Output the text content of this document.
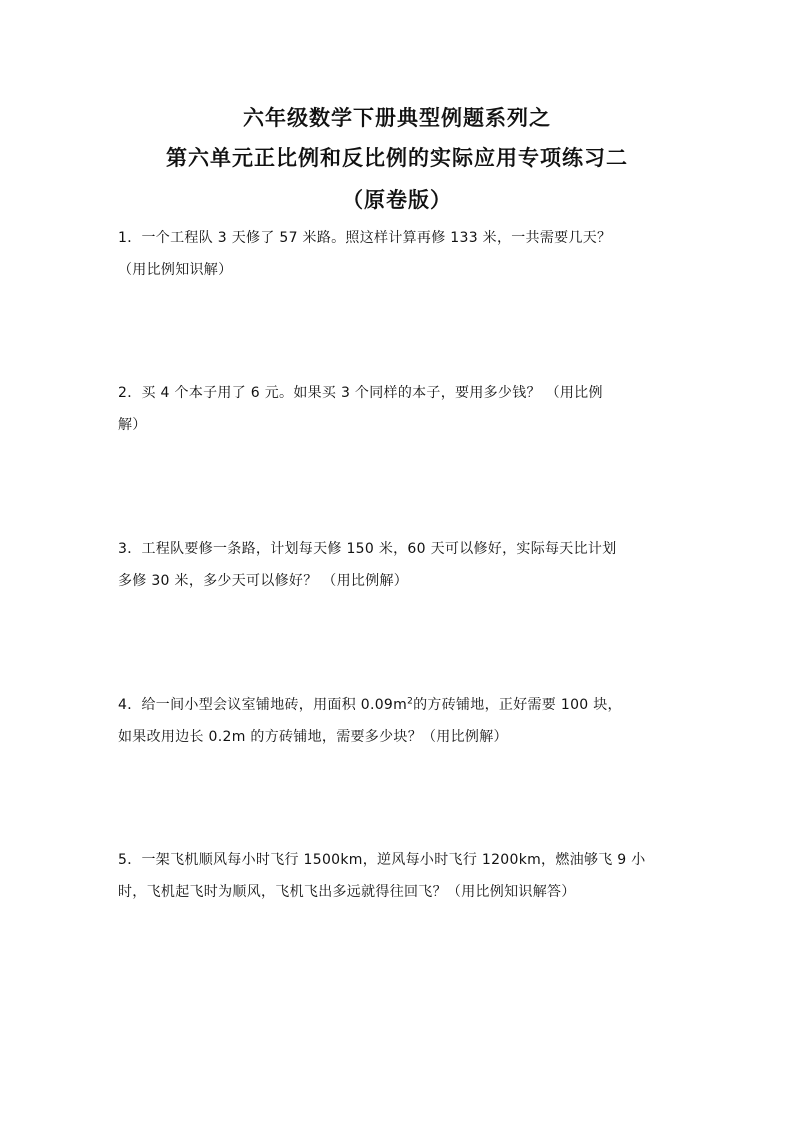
六年级数学下册典型例题系列之
第六单元正比例和反比例的实际应用专项练习二
（原卷版）
1．一个工程队 3 天修了 57 米路。照这样计算再修 133 米，一共需要几天？
（用比例知识解）
2．买 4 个本子用了 6 元。如果买 3 个同样的本子，要用多少钱？ （用比例
解）
3．工程队要修一条路，计划每天修 150 米，60 天可以修好，实际每天比计划
多修 30 米，多少天可以修好？ （用比例解）
4．给一间小型会议室铺地砖，用面积 $0.09m^2$的方砖铺地，正好需要 100 块，
如果改用边长 0.2m 的方砖铺地，需要多少块？（用比例解）
5．一架飞机顺风每小时飞行 1500km，逆风每小时飞行 1200km，燃油够飞 9 小
时，飞机起飞时为顺风，飞机飞出多远就得往回飞？（用比例知识解答）
